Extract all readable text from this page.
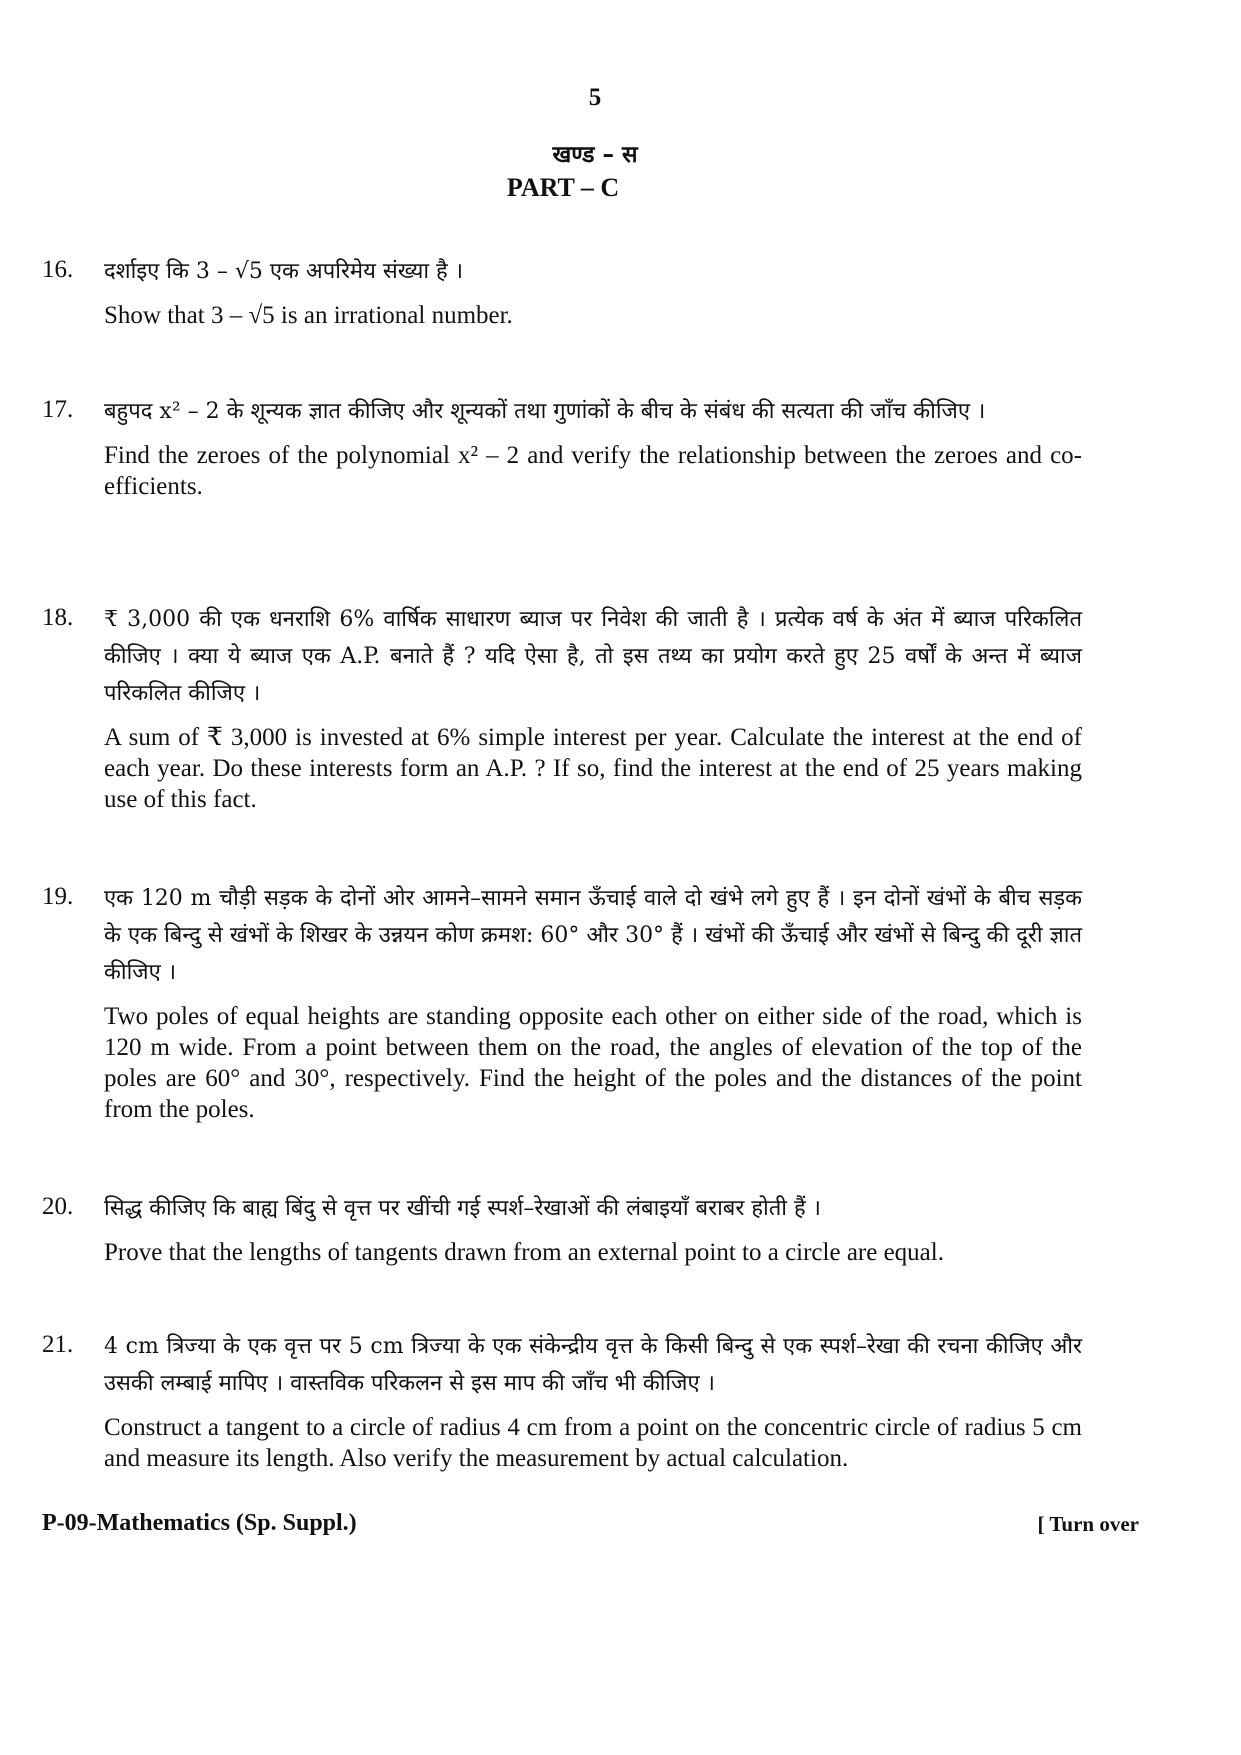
5
खण्ड – स
PART – C
16. दर्शाइए कि 3 – √5 एक अपरिमेय संख्या है ।
Show that 3 – √5 is an irrational number.
17. बहुपद x² – 2 के शून्यक ज्ञात कीजिए और शून्यकों तथा गुणांकों के बीच के संबंध की सत्यता की जाँच कीजिए ।
Find the zeroes of the polynomial x² – 2 and verify the relationship between the zeroes and co-efficients.
18. ₹ 3,000 की एक धनराशि 6% वार्षिक साधारण ब्याज पर निवेश की जाती है । प्रत्येक वर्ष के अंत में ब्याज परिकलित कीजिए । क्या ये ब्याज एक A.P. बनाते हैं ? यदि ऐसा है, तो इस तथ्य का प्रयोग करते हुए 25 वर्षों के अन्त में ब्याज परिकलित कीजिए ।
A sum of ₹ 3,000 is invested at 6% simple interest per year. Calculate the interest at the end of each year. Do these interests form an A.P. ? If so, find the interest at the end of 25 years making use of this fact.
19. एक 120 m चौड़ी सड़क के दोनों ओर आमने–सामने समान ऊँचाई वाले दो खंभे लगे हुए हैं । इन दोनों खंभों के बीच सड़क के एक बिन्दु से खंभों के शिखर के उन्नयन कोण क्रमश: 60° और 30° हैं । खंभों की ऊँचाई और खंभों से बिन्दु की दूरी ज्ञात कीजिए ।
Two poles of equal heights are standing opposite each other on either side of the road, which is 120 m wide. From a point between them on the road, the angles of elevation of the top of the poles are 60° and 30°, respectively. Find the height of the poles and the distances of the point from the poles.
20. सिद्ध कीजिए कि बाह्य बिंदु से वृत्त पर खींची गई स्पर्श–रेखाओं की लंबाइयाँ बराबर होती हैं ।
Prove that the lengths of tangents drawn from an external point to a circle are equal.
21. 4 cm त्रिज्या के एक वृत्त पर 5 cm त्रिज्या के एक संकेन्द्रीय वृत्त के किसी बिन्दु से एक स्पर्श–रेखा की रचना कीजिए और उसकी लम्बाई मापिए । वास्तविक परिकलन से इस माप की जाँच भी कीजिए ।
Construct a tangent to a circle of radius 4 cm from a point on the concentric circle of radius 5 cm and measure its length. Also verify the measurement by actual calculation.
P-09-Mathematics (Sp. Suppl.)	[ Turn over
